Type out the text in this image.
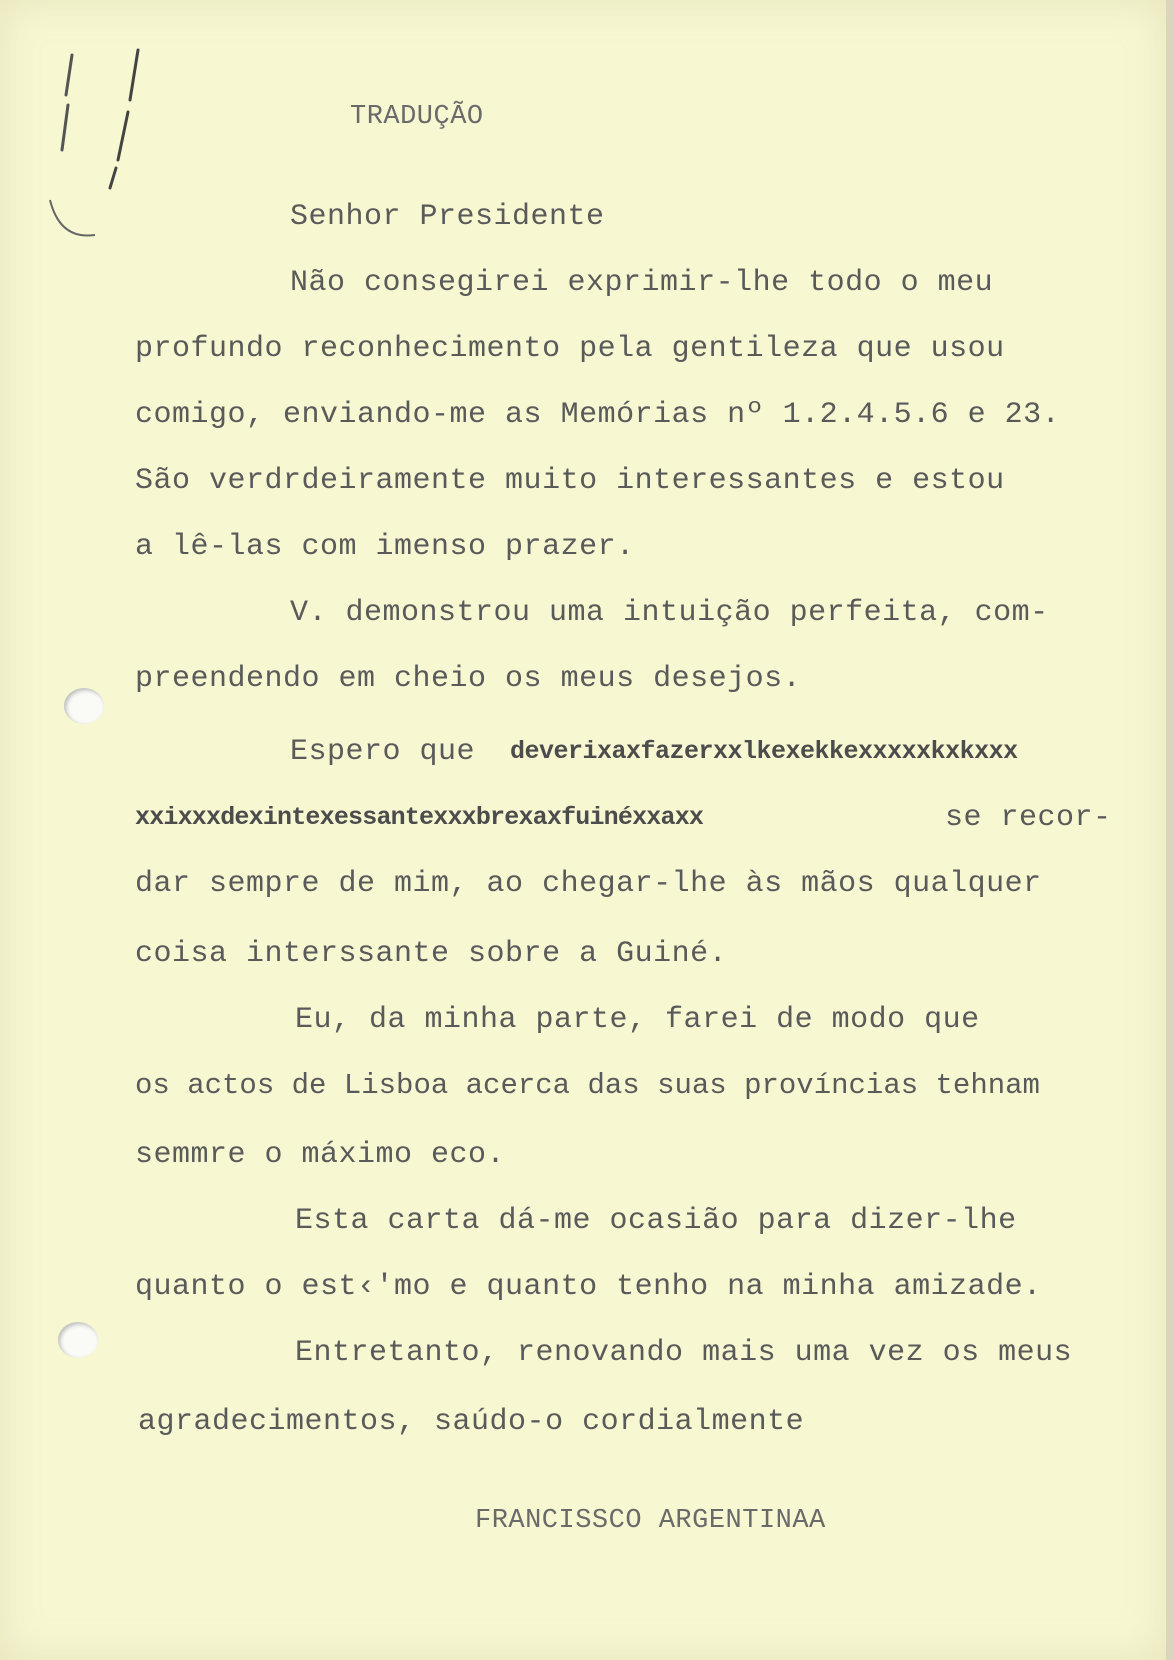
TRADUÇÃO
Senhor Presidente
Não consegirei exprimir-lhe todo o meu
profundo reconhecimento pela gentileza que usou
comigo, enviando-me as Memórias nº 1.2.4.5.6 e 23.
São verdrdeiramente muito interessantes e estou
a lê-las com imenso prazer.
V. demonstrou uma intuição perfeita, com-
preendendo em cheio os meus desejos.
Espero que deverixaxfazerxxlkexekkexxxxxkxkxxx
xxixxxdexintexessantexxxbrexaxfuinéxxaxx	se recor-
dar sempre de mim, ao chegar-lhe às mãos qualquer
coisa interssante sobre a Guiné.
Eu, da minha parte, farei de modo que
os actos de Lisboa acerca das suas províncias tehnam
semmre o máximo eco.
Esta carta dá-me ocasião para dizer-lhe
quanto o est‹'mo e quanto tenho na minha amizade.
Entretanto, renovando mais uma vez os meus
agradecimentos, saúdo-o cordialmente
FRANCISSCO ARGENTINAA
